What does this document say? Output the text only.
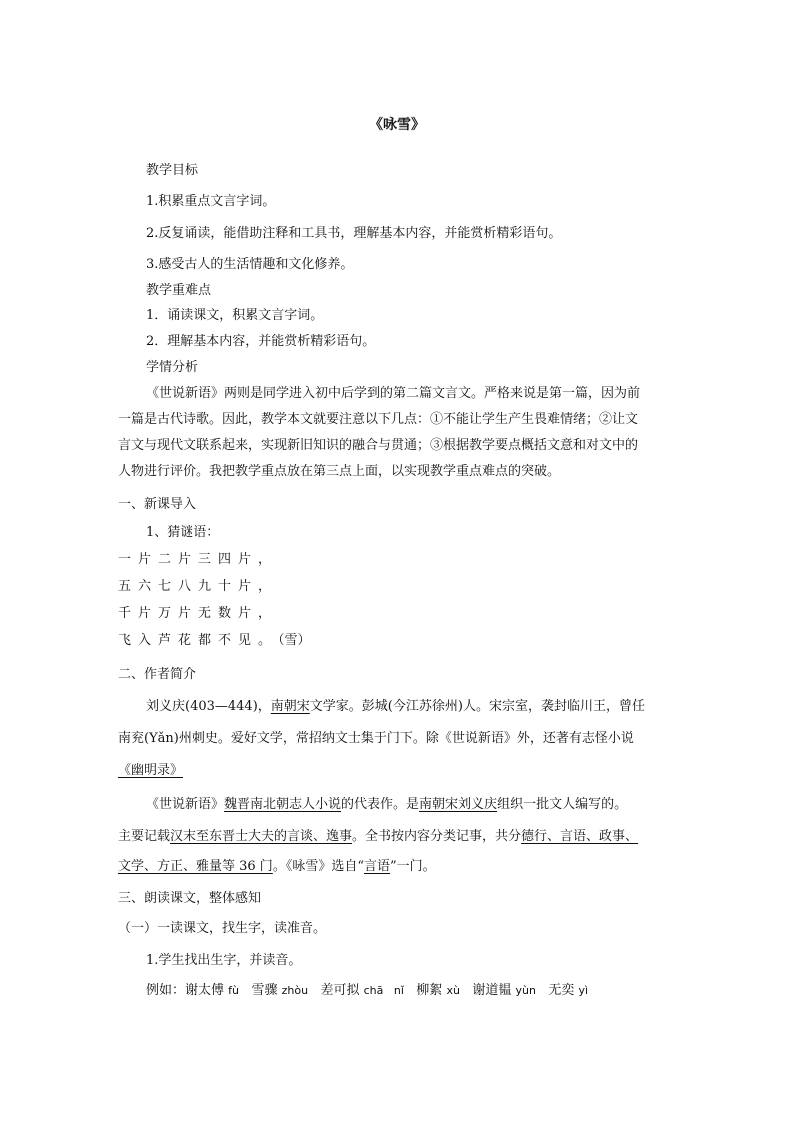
《咏雪》
教学目标
1.积累重点文言字词。
2.反复诵读，能借助注释和工具书，理解基本内容，并能赏析精彩语句。
3.感受古人的生活情趣和文化修养。
教学重难点
1．诵读课文，积累文言字词。
2．理解基本内容，并能赏析精彩语句。
学情分析
《世说新语》两则是同学进入初中后学到的第二篇文言文。严格来说是第一篇，因为前
一篇是古代诗歌。因此，教学本文就要注意以下几点：①不能让学生产生畏难情绪；②让文
言文与现代文联系起来，实现新旧知识的融合与贯通；③根据教学要点概括文意和对文中的
人物进行评价。我把教学重点放在第三点上面，以实现教学重点难点的突破。
一、新课导入
1、猜谜语：
一片二片三四片，
五六七八九十片，
千片万片无数片，
飞入芦花都不见。（雪）
二、作者简介
刘义庆(403—444)，南朝宋文学家。彭城(今江苏徐州)人。宋宗室，袭封临川王，曾任
南兖(Yǎn)州刺史。爱好文学，常招纳文士集于门下。除《世说新语》外，还著有志怪小说
《幽明录》
《世说新语》魏晋南北朝志人小说的代表作。是南朝宋刘义庆组织一批文人编写的。
主要记载汉末至东晋士大夫的言谈、逸事。全书按内容分类记事，共分德行、言语、政事、
文学、方正、雅量等 36 门。《咏雪》选自“言语”一门。
三、朗读课文，整体感知
（一）一读课文，找生字，读准音。
1.学生找出生字，并读音。
例如：谢太傅 fù 雪骤 zhòu 差可拟 chā   nǐ 柳絮 xù 谢道韫 yùn 无奕 yì
